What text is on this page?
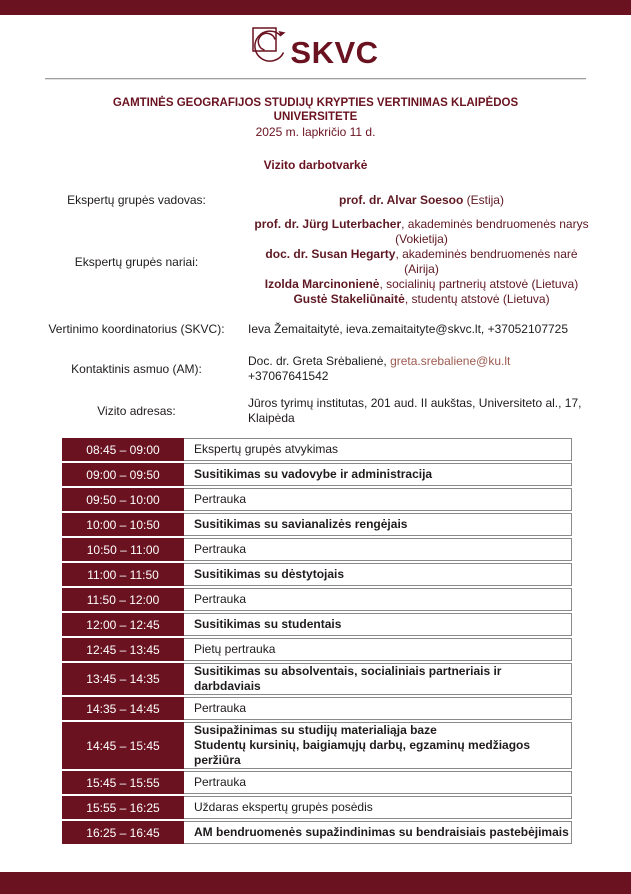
SKVC
GAMTINĖS GEOGRAFIJOS STUDIJŲ KRYPTIES VERTINIMAS KLAIPĖDOS UNIVERSITETE
2025 m. lapkričio 11 d.
Vizito darbotvarkė
Ekspertų grupės vadovas:	prof. dr. Alvar Soesoo (Estija)
Ekspertų grupės nariai:
prof. dr. Jürg Luterbacher, akademinės bendruomenės narys
(Vokietija)
doc. dr. Susan Hegarty, akademinės bendruomenės narė
(Airija)
Izolda Marcinonienė, socialinių partnerių atstovė (Lietuva)
Gustė Stakeliūnaitė, studentų atstovė (Lietuva)
Vertinimo koordinatorius (SKVC):	Ieva Žemaitaitytė, ieva.zemaitaityte@skvc.lt, +37052107725
Kontaktinis asmuo (AM):
Doc. dr. Greta Srėbalienė, greta.srebaliene@ku.lt
+37067641542
Vizito adresas:
Jūros tyrimų institutas, 201 aud. II aukštas, Universiteto al., 17, Klaipėda
08:45 – 09:00	Ekspertų grupės atvykimas
09:00 – 09:50	Susitikimas su vadovybe ir administracija
09:50 – 10:00	Pertrauka
10:00 – 10:50	Susitikimas su savianalizės rengėjais
10:50 – 11:00	Pertrauka
11:00 – 11:50	Susitikimas su dėstytojais
11:50 – 12:00	Pertrauka
12:00 – 12:45	Susitikimas su studentais
12:45 – 13:45	Pietų pertrauka
13:45 – 14:35
Susitikimas su absolventais, socialiniais partneriais ir darbdaviais
14:35 – 14:45	Pertrauka
14:45 – 15:45
Susipažinimas su studijų materialiąja baze
Studentų kursinių, baigiamųjų darbų, egzaminų medžiagos peržiūra
15:45 – 15:55	Pertrauka
15:55 – 16:25	Uždaras ekspertų grupės posėdis
16:25 – 16:45	AM bendruomenės supažindinimas su bendraisiais pastebėjimais
